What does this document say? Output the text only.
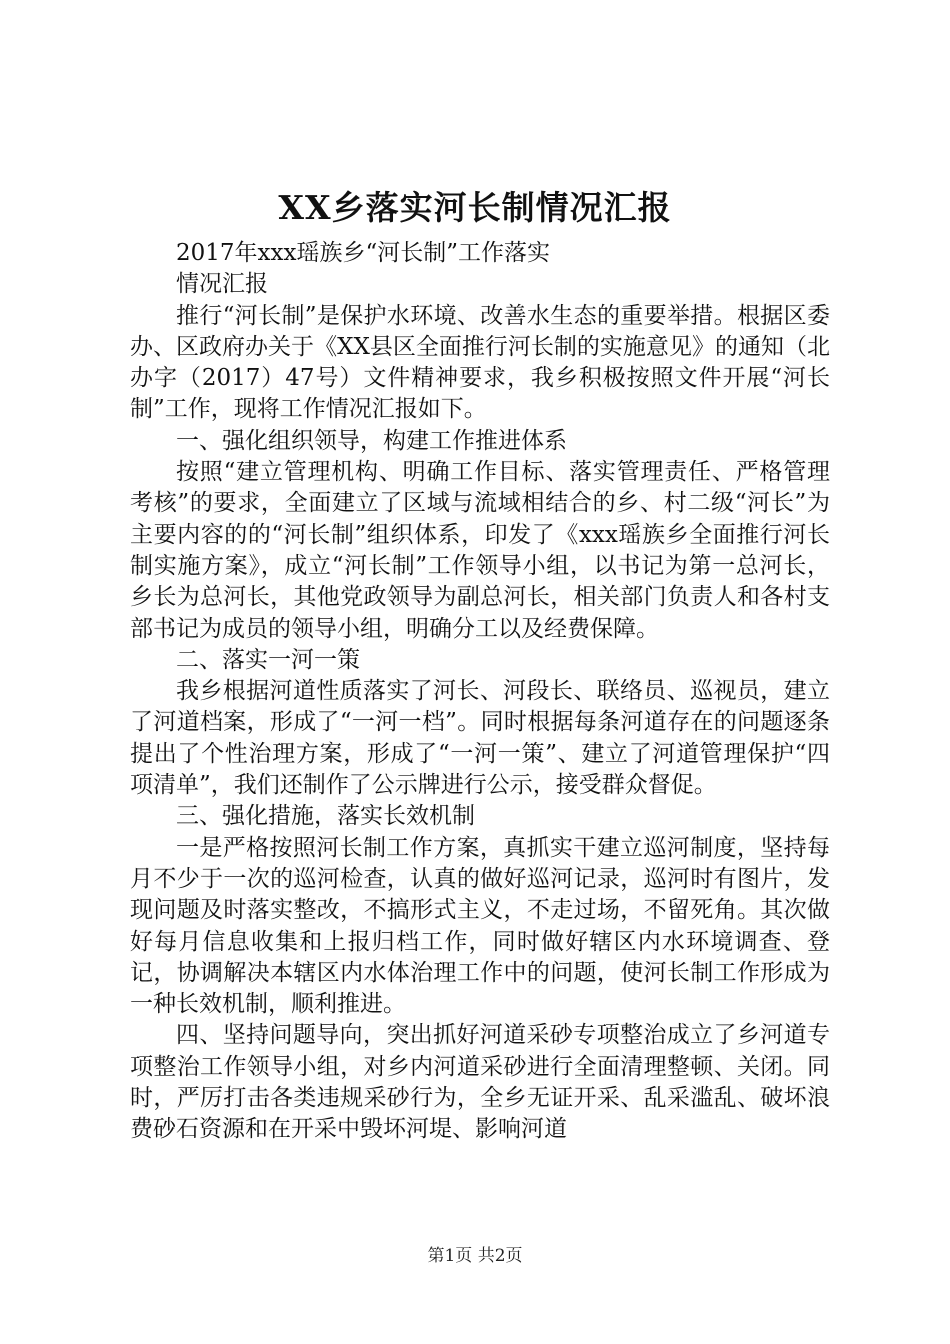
XX乡落实河长制情况汇报

2017年xxx瑶族乡“河长制”工作落实

情况汇报

推行“河长制”是保护水环境、改善水生态的重要举措。根据区委办、区政府办关于《XX县区全面推行河长制的实施意见》的通知（北办字（2017）47号）文件精神要求，我乡积极按照文件开展“河长制”工作，现将工作情况汇报如下。

一、强化组织领导，构建工作推进体系

按照“建立管理机构、明确工作目标、落实管理责任、严格管理考核”的要求，全面建立了区域与流域相结合的乡、村二级“河长”为主要内容的的“河长制”组织体系，印发了《xxx瑶族乡全面推行河长制实施方案》，成立“河长制”工作领导小组，以书记为第一总河长，乡长为总河长，其他党政领导为副总河长，相关部门负责人和各村支部书记为成员的领导小组，明确分工以及经费保障。

二、落实一河一策

我乡根据河道性质落实了河长、河段长、联络员、巡视员，建立了河道档案，形成了“一河一档”。同时根据每条河道存在的问题逐条提出了个性治理方案，形成了“一河一策”、建立了河道管理保护“四项清单”，我们还制作了公示牌进行公示，接受群众督促。

三、强化措施，落实长效机制

一是严格按照河长制工作方案，真抓实干建立巡河制度，坚持每月不少于一次的巡河检查，认真的做好巡河记录，巡河时有图片，发现问题及时落实整改，不搞形式主义，不走过场，不留死角。其次做好每月信息收集和上报归档工作，同时做好辖区内水环境调查、登记，协调解决本辖区内水体治理工作中的问题，使河长制工作形成为一种长效机制，顺利推进。

四、坚持问题导向，突出抓好河道采砂专项整治成立了乡河道专项整治工作领导小组，对乡内河道采砂进行全面清理整顿、关闭。同时，严厉打击各类违规采砂行为，全乡无证开采、乱采滥乱、破坏浪费砂石资源和在开采中毁坏河堤、影响河道

第1页 共2页
